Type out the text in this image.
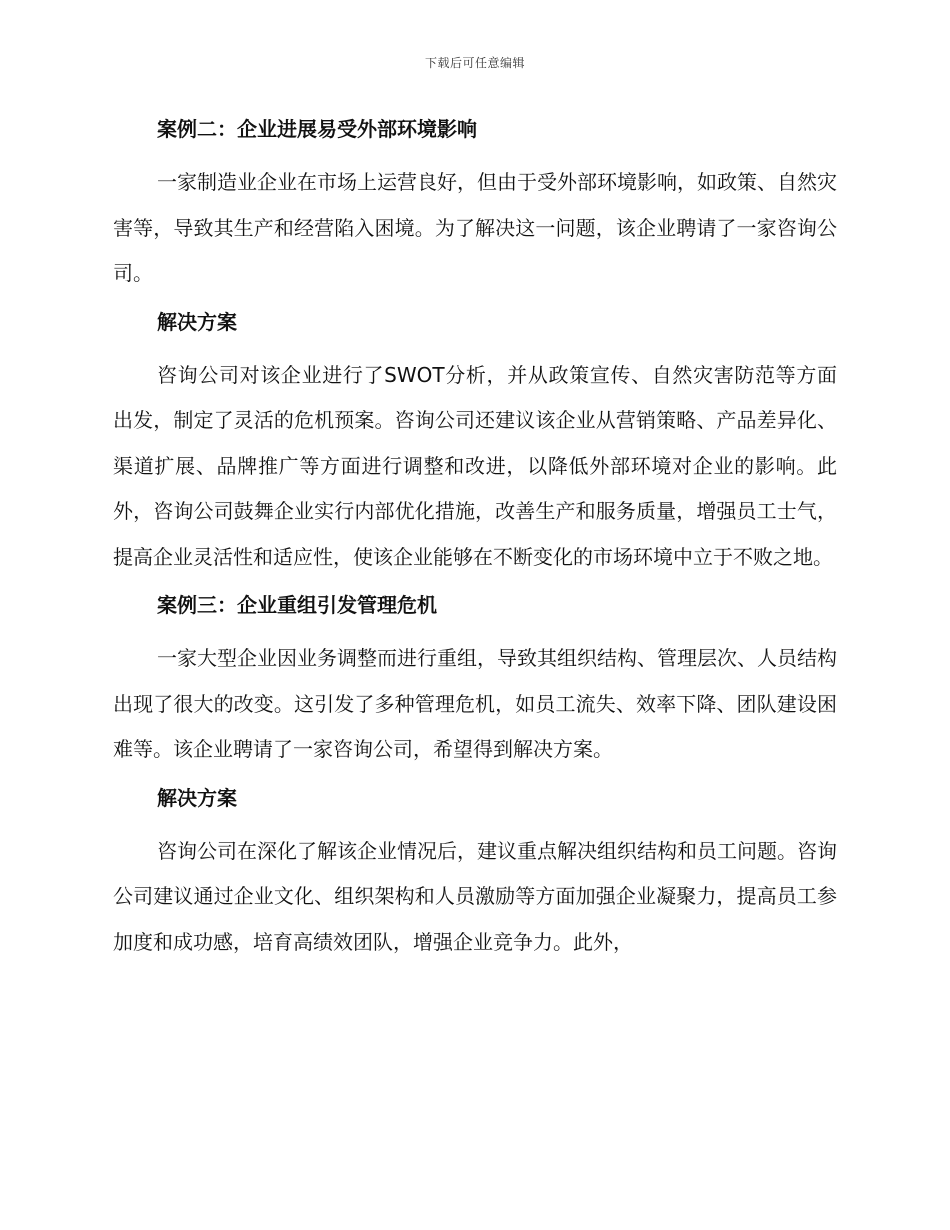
下载后可任意编辑
案例二：企业进展易受外部环境影响

一家制造业企业在市场上运营良好，但由于受外部环境影响，如政策、自然灾害等，导致其生产和经营陷入困境。为了解决这一问题，该企业聘请了一家咨询公司。

解决方案

咨询公司对该企业进行了SWOT分析，并从政策宣传、自然灾害防范等方面出发，制定了灵活的危机预案。咨询公司还建议该企业从营销策略、产品差异化、渠道扩展、品牌推广等方面进行调整和改进，以降低外部环境对企业的影响。此外，咨询公司鼓舞企业实行内部优化措施，改善生产和服务质量，增强员工士气，提高企业灵活性和适应性，使该企业能够在不断变化的市场环境中立于不败之地。

案例三：企业重组引发管理危机

一家大型企业因业务调整而进行重组，导致其组织结构、管理层次、人员结构出现了很大的改变。这引发了多种管理危机，如员工流失、效率下降、团队建设困难等。该企业聘请了一家咨询公司，希望得到解决方案。

解决方案

咨询公司在深化了解该企业情况后，建议重点解决组织结构和员工问题。咨询公司建议通过企业文化、组织架构和人员激励等方面加强企业凝聚力，提高员工参加度和成功感，培育高绩效团队，增强企业竞争力。此外，
